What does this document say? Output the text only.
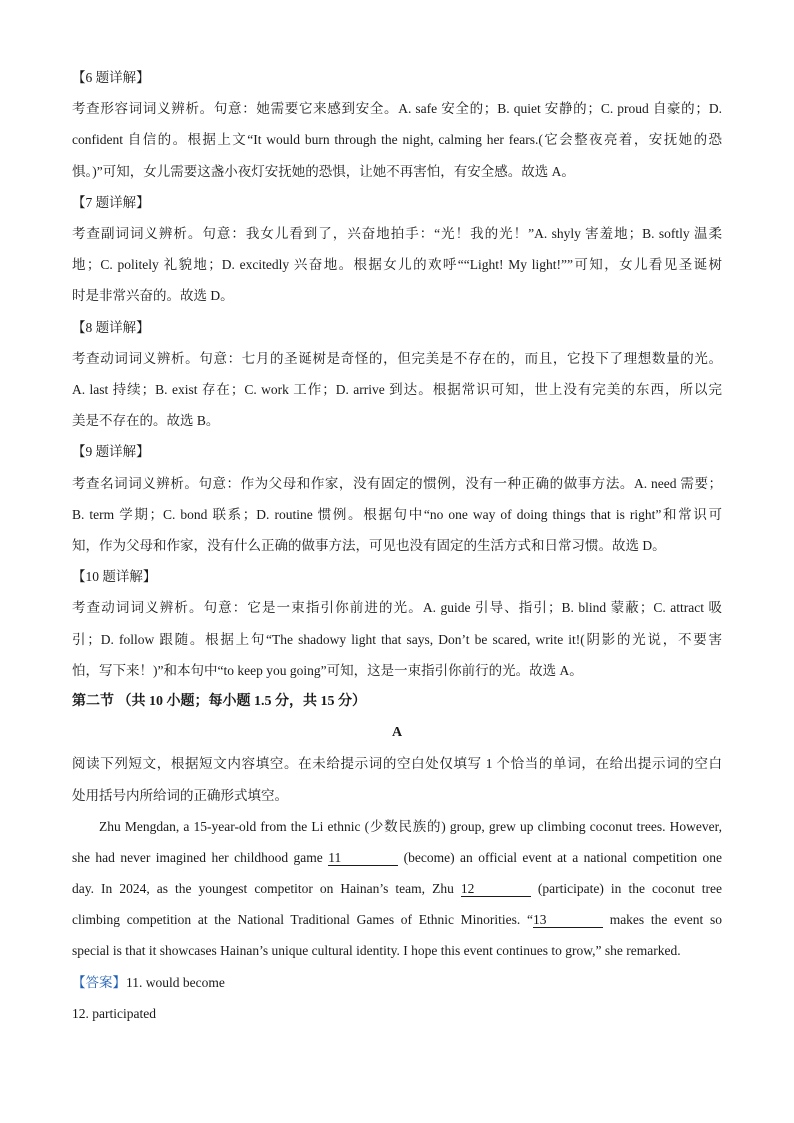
【6 题详解】
考查形容词词义辨析。句意：她需要它来感到安全。A. safe 安全的；B. quiet 安静的；C. proud 自豪的；D.
confident 自信的。根据上文“It would burn through the night, calming her fears.(它会整夜亮着，安抚她的恐
惧。)”可知，女儿需要这盏小夜灯安抚她的恐惧，让她不再害怕，有安全感。故选 A。
【7 题详解】
考查副词词义辨析。句意：我女儿看到了，兴奋地拍手：“光！我的光！”A. shyly 害羞地；B. softly 温柔
地；C. politely 礼貌地；D. excitedly 兴奋地。根据女儿的欢呼““Light! My light!””可知，女儿看见圣诞树
时是非常兴奋的。故选 D。
【8 题详解】
考查动词词义辨析。句意：七月的圣诞树是奇怪的，但完美是不存在的，而且，它投下了理想数量的光。
A. last 持续；B. exist 存在；C. work 工作；D. arrive 到达。根据常识可知，世上没有完美的东西，所以完
美是不存在的。故选 B。
【9 题详解】
考查名词词义辨析。句意：作为父母和作家，没有固定的惯例，没有一种正确的做事方法。A. need 需要；
B. term 学期；C. bond 联系；D. routine 惯例。根据句中“no one way of doing things that is right”和常识可
知，作为父母和作家，没有什么正确的做事方法，可见也没有固定的生活方式和日常习惯。故选 D。
【10 题详解】
考查动词词义辨析。句意：它是一束指引你前进的光。A. guide 引导、指引；B. blind 蒙蔽；C. attract 吸
引；D. follow 跟随。根据上句“The shadowy light that says, Don’t be scared, write it!(阴影的光说，不要害
怕，写下来！)”和本句中“to keep you going”可知，这是一束指引你前行的光。故选 A。
第二节 （共 10 小题；每小题 1.5 分，共 15 分）
A
阅读下列短文，根据短文内容填空。在未给提示词的空白处仅填写 1 个恰当的单词，在给出提示词的空白
处用括号内所给词的正确形式填空。
Zhu Mengdan, a 15-year-old from the Li ethnic (少数民族的) group, grew up climbing coconut trees. However,
she had never imagined her childhood game 11	(become) an official event at a national competition one
day. In 2024, as the youngest competitor on Hainan’s team, Zhu 12	(participate) in the coconut tree
climbing competition at the National Traditional Games of Ethnic Minorities. “13	makes the event so
special is that it showcases Hainan’s unique cultural identity. I hope this event continues to grow,” she remarked.
【答案】11. would become
12. participated
